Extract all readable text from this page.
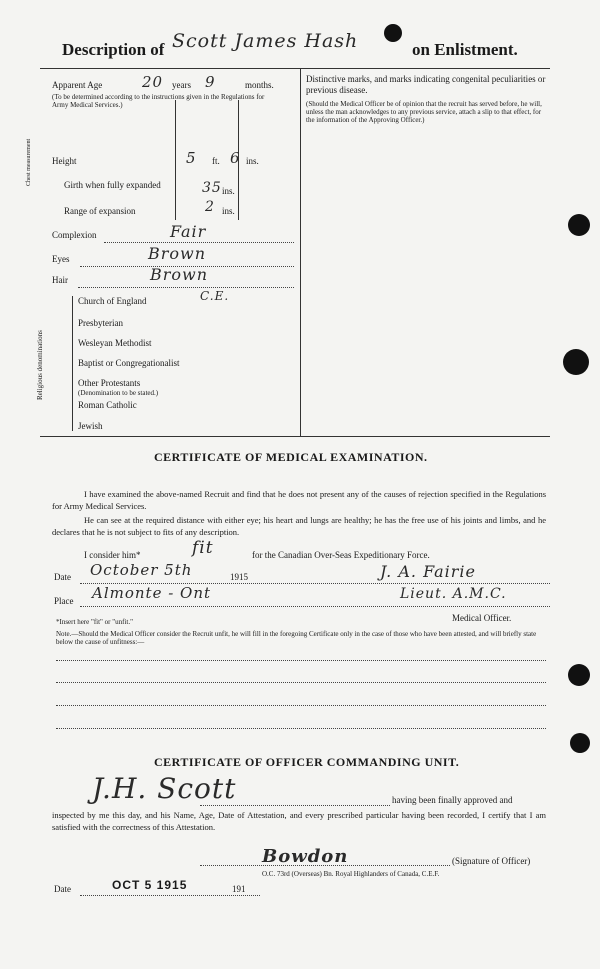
Description of Scott James Hash	on Enlistment.
Apparent Age	20 years 9	months.
(To be determined according to the instructions given in the Regulations for Army Medical Services.)
Height	5 ft. 6 ins.
Chest measurement	Girth when fully expanded	35 ins.
Range of expansion	2 ins.
Complexion	Fair
Eyes	Brown
Hair	Brown
Religious denominations
Church of England	C.E.
Presbyterian
Wesleyan Methodist
Baptist or Congregationalist
Other Protestants
(Denomination to be stated.)
Roman Catholic
Jewish
Distinctive marks, and marks indicating congenital peculiarities or previous disease.
(Should the Medical Officer be of opinion that the recruit has served before, he will, unless the man acknowledges to any previous service, attach a slip to that effect, for the information of the Approving Officer.)
CERTIFICATE OF MEDICAL EXAMINATION.
I have examined the above-named Recruit and find that he does not present any of the causes of rejection specified in the Regulations for Army Medical Services.
He can see at the required distance with either eye; his heart and lungs are healthy; he has the free use of his joints and limbs, and he declares that he is not subject to fits of any description.
I consider him*	fit	for the Canadian Over-Seas Expeditionary Force.
Date October 5th	1915	J. A. Fairie
Place Almonte - Ont	Lieut. A.M.C.
Medical Officer.
*Insert here "fit" or "unfit."
Note.—Should the Medical Officer consider the Recruit unfit, he will fill in the foregoing Certificate only in the case of those who have been attested, and will briefly state below the cause of unfitness:—
CERTIFICATE OF OFFICER COMMANDING UNIT.
J.H. Scott	having been finally approved and
inspected by me this day, and his Name, Age, Date of Attestation, and every prescribed particular having been recorded, I certify that I am satisfied with the correctness of this Attestation.
Bowdon	(Signature of Officer)
O.C. 73rd (Overseas) Bn. Royal Highlanders of Canada, C.E.F.
Date	OCT 5 1915	191
